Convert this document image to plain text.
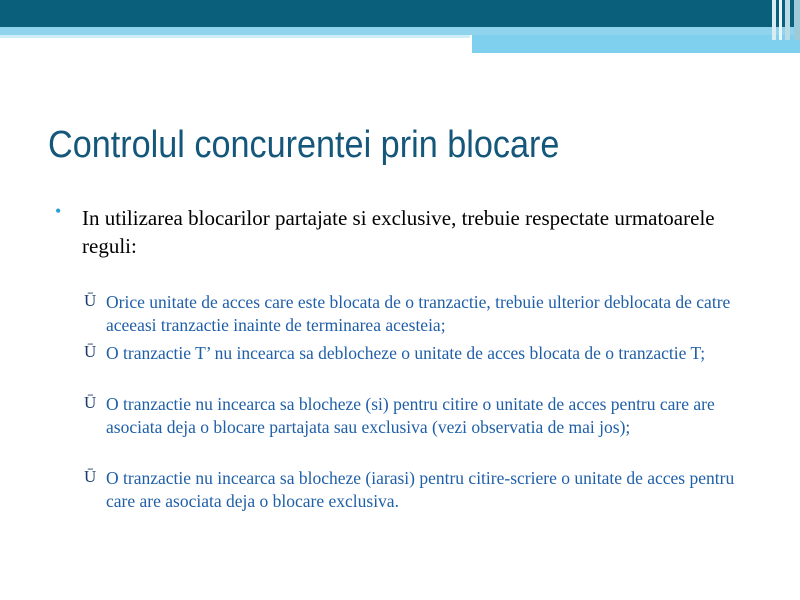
Controlul concurentei prin blocare
• In utilizarea blocarilor partajate si exclusive, trebuie respectate urmatoarele reguli:
Ū Orice unitate de acces care este blocata de o tranzactie, trebuie ulterior deblocata de catre aceeasi tranzactie inainte de terminarea acesteia;
Ū O tranzactie T’ nu incearca sa deblocheze o unitate de acces blocata de o tranzactie T;
Ū O tranzactie nu incearca sa blocheze (si) pentru citire o unitate de acces pentru care are asociata deja o blocare partajata sau exclusiva (vezi observatia de mai jos);
Ū O tranzactie nu incearca sa blocheze (iarasi) pentru citire-scriere o unitate de acces pentru care are asociata deja o blocare exclusiva.
